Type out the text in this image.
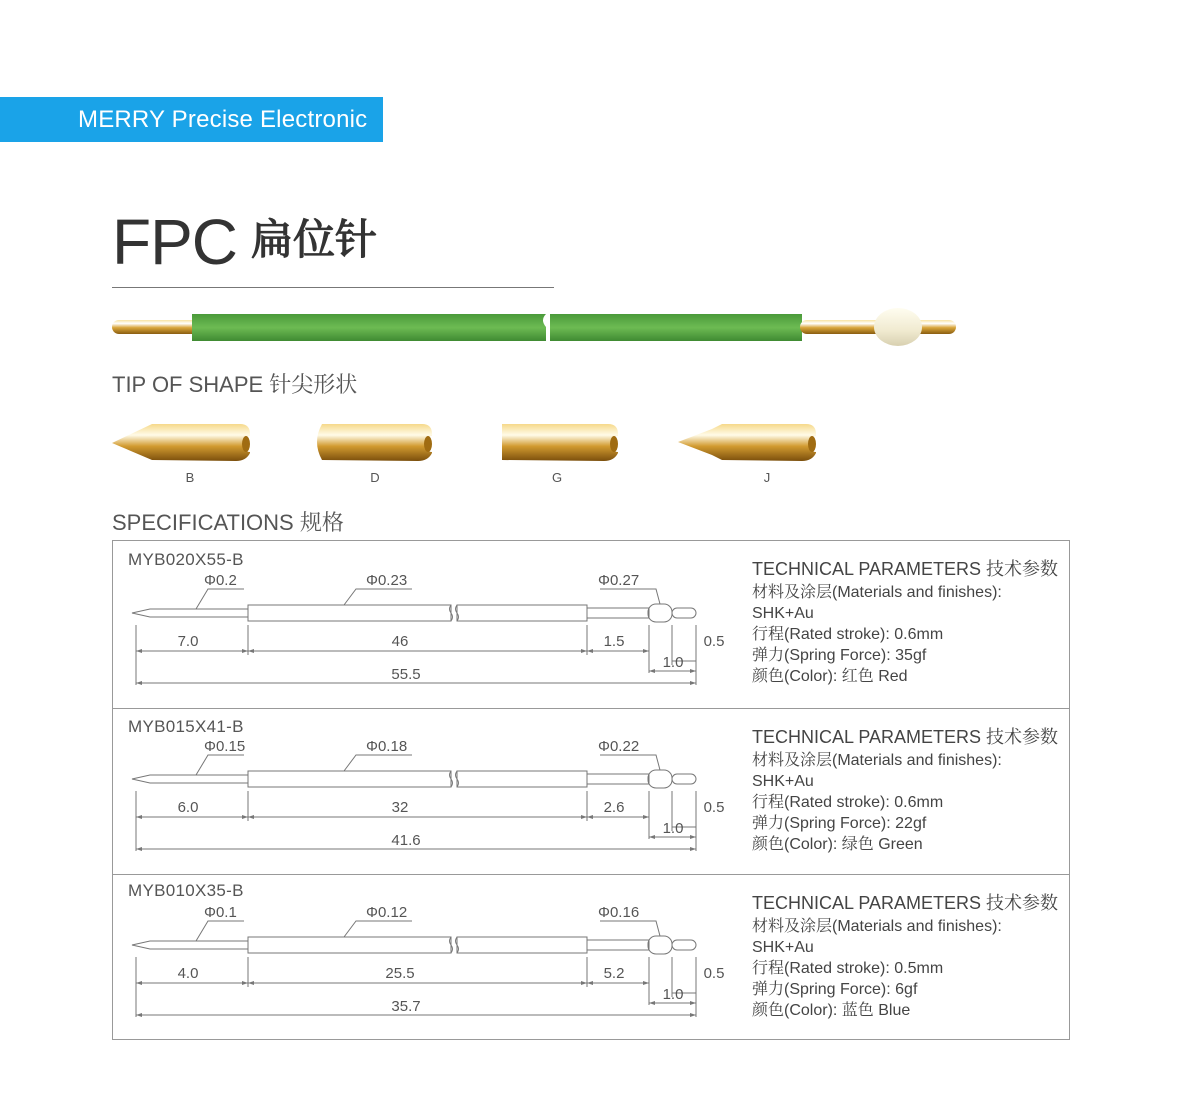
MERRY Precise Electronic
FPC 扁位针
TIP OF SHAPE 针尖形状
B	D	G	J
SPECIFICATIONS 规格
MYB020X55-B
Φ0.2	Φ0.23	Φ0.27
7.0	46	1.5	0.5
1.0
55.5
TECHNICAL PARAMETERS 技术参数
材料及涂层(Materials and finishes):
SHK+Au
行程(Rated stroke): 0.6mm
弹力(Spring Force): 35gf
颜色(Color): 红色 Red
MYB015X41-B
Φ0.15	Φ0.18	Φ0.22
6.0	32	2.6	0.5
1.0
41.6
TECHNICAL PARAMETERS 技术参数
材料及涂层(Materials and finishes):
SHK+Au
行程(Rated stroke): 0.6mm
弹力(Spring Force): 22gf
颜色(Color): 绿色 Green
MYB010X35-B
Φ0.1	Φ0.12	Φ0.16
4.0	25.5	5.2	0.5
1.0
35.7
TECHNICAL PARAMETERS 技术参数
材料及涂层(Materials and finishes):
SHK+Au
行程(Rated stroke): 0.5mm
弹力(Spring Force): 6gf
颜色(Color): 蓝色 Blue
